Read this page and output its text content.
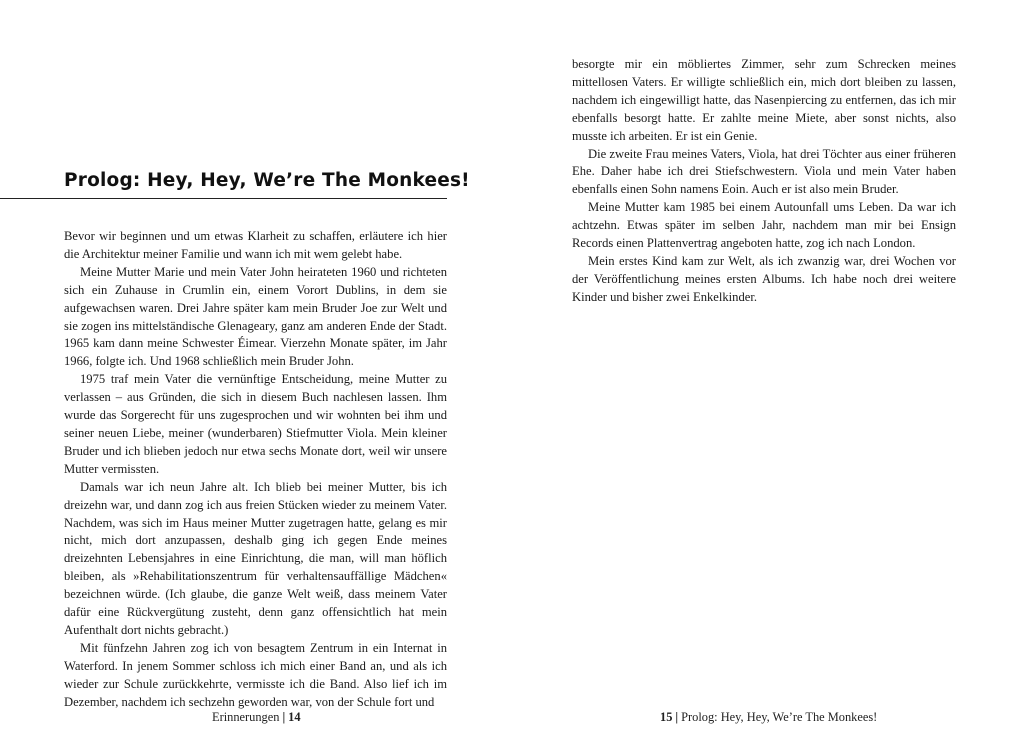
Prolog: Hey, Hey, We’re The Monkees!

Bevor wir beginnen und um etwas Klarheit zu schaffen, erläutere ich hier die Architektur meiner Familie und wann ich mit wem gelebt habe.

Meine Mutter Marie und mein Vater John heirateten 1960 und richteten sich ein Zuhause in Crumlin ein, einem Vorort Dublins, in dem sie aufgewachsen waren. Drei Jahre später kam mein Bruder Joe zur Welt und sie zogen ins mittelständische Glenageary, ganz am anderen Ende der Stadt. 1965 kam dann meine Schwester Éimear. Vierzehn Monate später, im Jahr 1966, folgte ich. Und 1968 schließlich mein Bruder John.

1975 traf mein Vater die vernünftige Entscheidung, meine Mutter zu verlassen – aus Gründen, die sich in diesem Buch nachlesen lassen. Ihm wurde das Sorgerecht für uns zugesprochen und wir wohnten bei ihm und seiner neuen Liebe, meiner (wunderbaren) Stiefmutter Viola. Mein kleiner Bruder und ich blieben jedoch nur etwa sechs Monate dort, weil wir unsere Mutter vermissten.

Damals war ich neun Jahre alt. Ich blieb bei meiner Mutter, bis ich dreizehn war, und dann zog ich aus freien Stücken wieder zu meinem Vater. Nachdem, was sich im Haus meiner Mutter zugetragen hatte, gelang es mir nicht, mich dort anzupassen, deshalb ging ich gegen Ende meines dreizehnten Lebensjahres in eine Einrichtung, die man, will man höflich bleiben, als »Rehabilitationszentrum für verhaltensauffällige Mädchen« bezeichnen würde. (Ich glaube, die ganze Welt weiß, dass meinem Vater dafür eine Rückvergütung zusteht, denn ganz offensichtlich hat mein Aufenthalt dort nichts gebracht.)

Mit fünfzehn Jahren zog ich von besagtem Zentrum in ein Internat in Waterford. In jenem Sommer schloss ich mich einer Band an, und als ich wieder zur Schule zurückkehrte, vermisste ich die Band. Also lief ich im Dezember, nachdem ich sechzehn geworden war, von der Schule fort und

Erinnerungen | 14

besorgte mir ein möbliertes Zimmer, sehr zum Schrecken meines mittellosen Vaters. Er willigte schließlich ein, mich dort bleiben zu lassen, nachdem ich eingewilligt hatte, das Nasenpiercing zu entfernen, das ich mir ebenfalls besorgt hatte. Er zahlte meine Miete, aber sonst nichts, also musste ich arbeiten. Er ist ein Genie.

Die zweite Frau meines Vaters, Viola, hat drei Töchter aus einer früheren Ehe. Daher habe ich drei Stiefschwestern. Viola und mein Vater haben ebenfalls einen Sohn namens Eoin. Auch er ist also mein Bruder.

Meine Mutter kam 1985 bei einem Autounfall ums Leben. Da war ich achtzehn. Etwas später im selben Jahr, nachdem man mir bei Ensign Records einen Plattenvertrag angeboten hatte, zog ich nach London.

Mein erstes Kind kam zur Welt, als ich zwanzig war, drei Wochen vor der Veröffentlichung meines ersten Albums. Ich habe noch drei weitere Kinder und bisher zwei Enkelkinder.

15 | Prolog: Hey, Hey, We’re The Monkees!
